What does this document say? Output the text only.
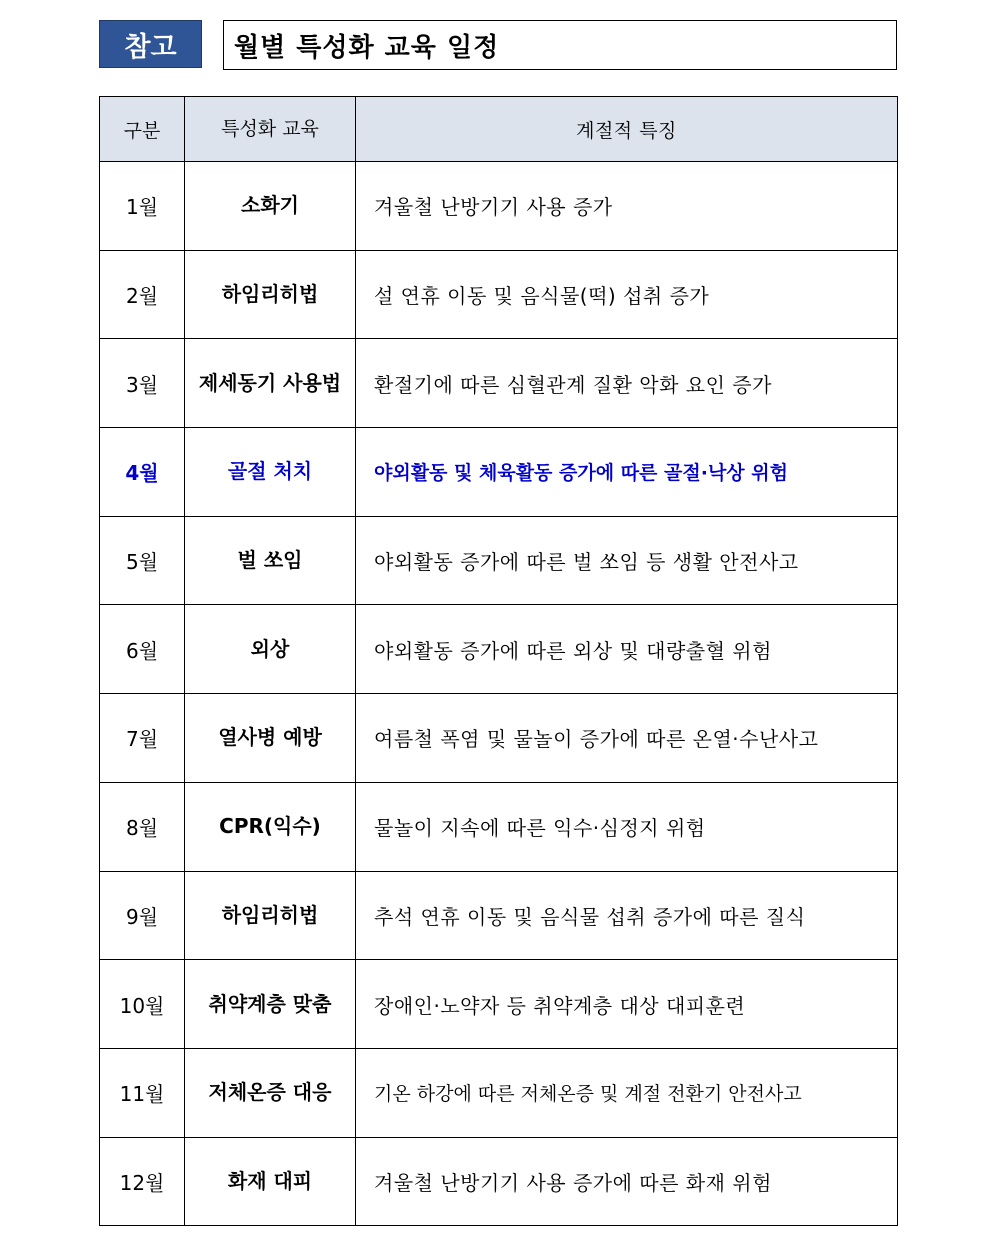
참고	월별 특성화 교육 일정
구분	특성화 교육	계절적 특징
1월	소화기	겨울철 난방기기 사용 증가
2월	하임리히법	설 연휴 이동 및 음식물(떡) 섭취 증가
3월	제세동기 사용법	환절기에 따른 심혈관계 질환 악화 요인 증가
4월	골절 처치	야외활동 및 체육활동 증가에 따른 골절·낙상 위험
5월	벌 쏘임	야외활동 증가에 따른 벌 쏘임 등 생활 안전사고
6월	외상	야외활동 증가에 따른 외상 및 대량출혈 위험
7월	열사병 예방	여름철 폭염 및 물놀이 증가에 따른 온열·수난사고
8월	CPR(익수)	물놀이 지속에 따른 익수·심정지 위험
9월	하임리히법	추석 연휴 이동 및 음식물 섭취 증가에 따른 질식
10월	취약계층 맞춤	장애인·노약자 등 취약계층 대상 대피훈련
11월	저체온증 대응	기온 하강에 따른 저체온증 및 계절 전환기 안전사고
12월	화재 대피	겨울철 난방기기 사용 증가에 따른 화재 위험
